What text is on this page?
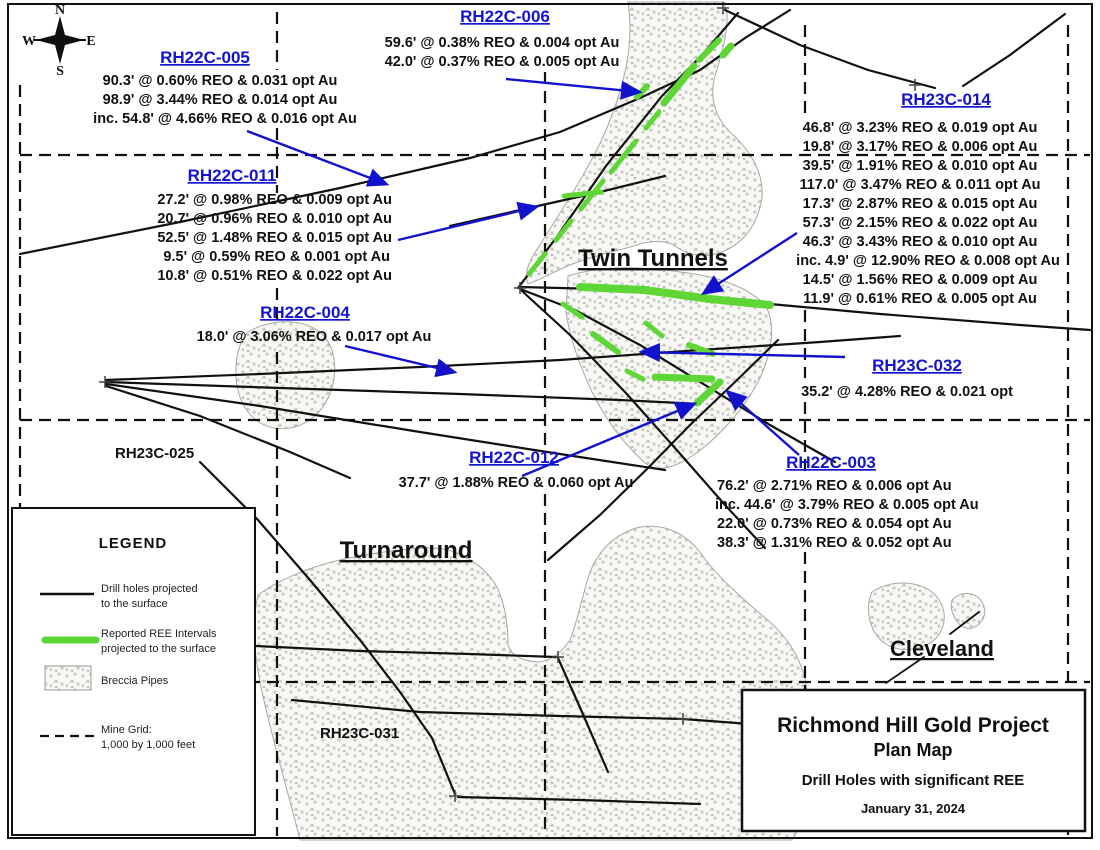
N
W	E
S
RH22C-005
90.3' @ 0.60% REO & 0.031 opt Au
98.9' @ 3.44% REO & 0.014 opt Au
inc. 54.8' @ 4.66% REO & 0.016 opt Au
RH22C-006
59.6' @ 0.38% REO & 0.004 opt Au
42.0' @ 0.37% REO & 0.005 opt Au
RH23C-014
46.8' @ 3.23% REO & 0.019 opt Au
19.8' @ 3.17% REO & 0.006 opt Au
39.5' @ 1.91% REO & 0.010 opt Au
117.0' @ 3.47% REO & 0.011 opt Au
17.3' @ 2.87% REO & 0.015 opt Au
57.3' @ 2.15% REO & 0.022 opt Au
46.3' @ 3.43% REO & 0.010 opt Au
inc. 4.9' @ 12.90% REO & 0.008 opt Au
14.5' @ 1.56% REO & 0.009 opt Au
11.9' @ 0.61% REO & 0.005 opt Au
RH22C-011
27.2' @ 0.98% REO & 0.009 opt Au
20.7' @ 0.96% REO & 0.010 opt Au
52.5' @ 1.48% REO & 0.015 opt Au
9.5' @ 0.59% REO & 0.001 opt Au
10.8' @ 0.51% REO & 0.022 opt Au
RH22C-004
18.0' @ 3.06% REO & 0.017 opt Au
RH23C-032
35.2' @ 4.28% REO & 0.021 opt
RH22C-012
37.7' @ 1.88% REO & 0.060 opt Au
RH22C-003
76.2' @ 2.71% REO & 0.006 opt Au
inc. 44.6' @ 3.79% REO & 0.005 opt Au
22.0' @ 0.73% REO & 0.054 opt Au
38.3' @ 1.31% REO & 0.052 opt Au
RH23C-025
RH23C-031
Twin Tunnels
Turnaround
Cleveland
LEGEND
Drill holes projected
to the surface
Reported REE Intervals
projected to the surface
Breccia Pipes
Mine Grid:
1,000 by 1,000 feet
Richmond Hill Gold Project
Plan Map
Drill Holes with significant REE
January 31, 2024
